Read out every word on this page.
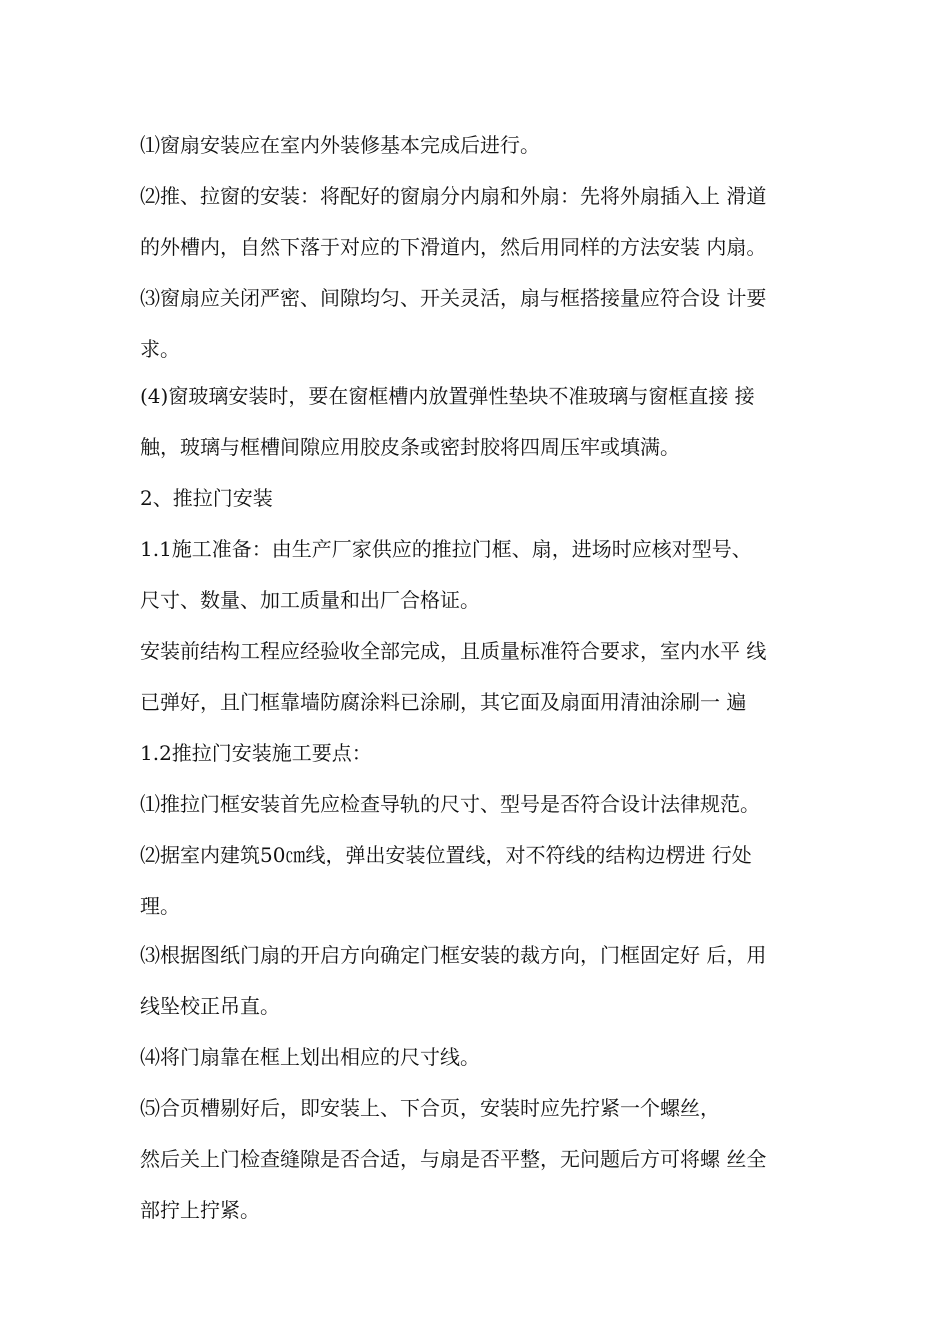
⑴窗扇安装应在室内外装修基本完成后进行。
⑵推、拉窗的安装：将配好的窗扇分内扇和外扇：先将外扇插入上 滑道
的外槽内，自然下落于对应的下滑道内，然后用同样的方法安装 内扇。
⑶窗扇应关闭严密、间隙均匀、开关灵活，扇与框搭接量应符合设 计要
求。
(4)窗玻璃安装时，要在窗框槽内放置弹性垫块不准玻璃与窗框直接 接
触，玻璃与框槽间隙应用胶皮条或密封胶将四周压牢或填满。
2、推拉门安装
1.1施工准备：由生产厂家供应的推拉门框、扇，进场时应核对型号、
尺寸、数量、加工质量和出厂合格证。
安装前结构工程应经验收全部完成，且质量标准符合要求，室内水平 线
已弹好，且门框靠墙防腐涂料已涂刷，其它面及扇面用清油涂刷一 遍
1.2推拉门安装施工要点：
⑴推拉门框安装首先应检查导轨的尺寸、型号是否符合设计法律规范。
⑵据室内建筑50㎝线，弹出安装位置线，对不符线的结构边楞进 行处
理。
⑶根据图纸门扇的开启方向确定门框安装的裁方向，门框固定好 后，用
线坠校正吊直。
⑷将门扇靠在框上划出相应的尺寸线。
⑸合页槽剔好后，即安装上、下合页，安装时应先拧紧一个螺丝，
然后关上门检查缝隙是否合适，与扇是否平整，无问题后方可将螺 丝全
部拧上拧紧。
